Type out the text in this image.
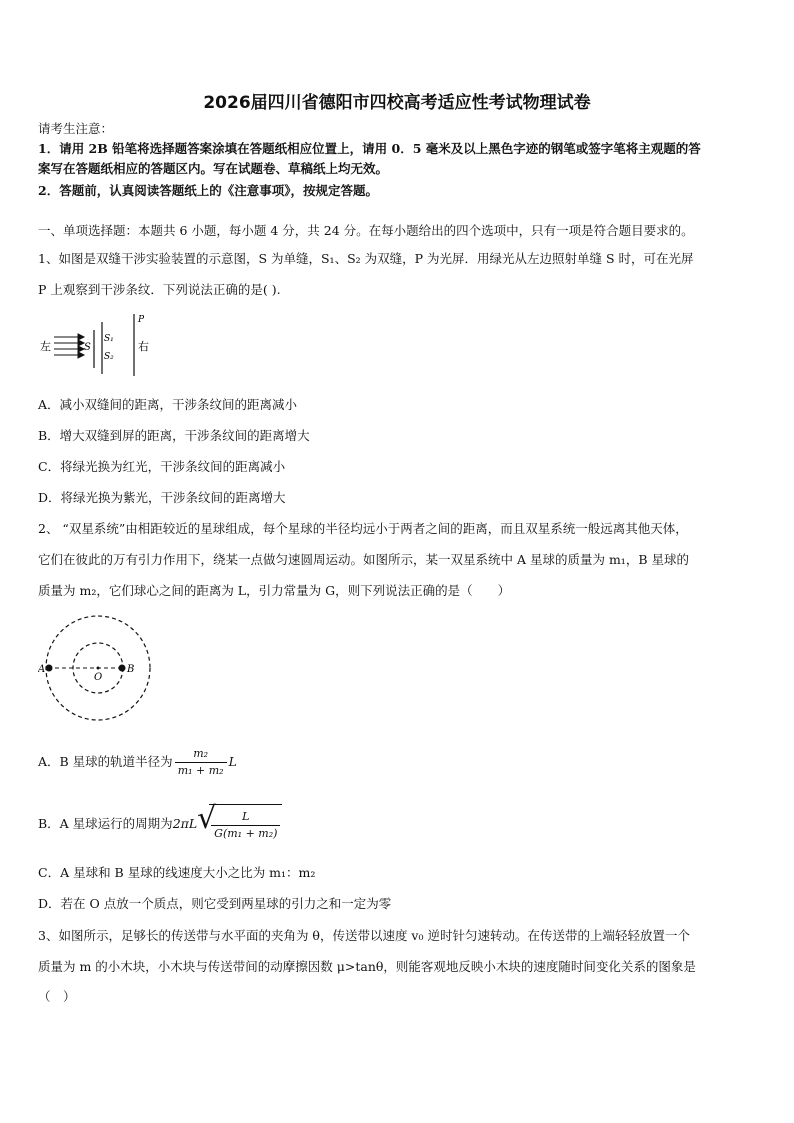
2026届四川省德阳市四校高考适应性考试物理试卷
请考生注意：
1．请用 2B 铅笔将选择题答案涂填在答题纸相应位置上，请用 0．5 毫米及以上黑色字迹的钢笔或签字笔将主观题的答
案写在答题纸相应的答题区内。写在试题卷、草稿纸上均无效。
2．答题前，认真阅读答题纸上的《注意事项》，按规定答题。
一、单项选择题：本题共 6 小题，每小题 4 分，共 24 分。在每小题给出的四个选项中，只有一项是符合题目要求的。
1、如图是双缝干涉实验装置的示意图，S 为单缝，S₁、S₂ 为双缝，P 为光屏．用绿光从左边照射单缝 S 时，可在光屏
P 上观察到干涉条纹．下列说法正确的是( ).
左	S
S₁
S₂
P
右
A．减小双缝间的距离，干涉条纹间的距离减小
B．增大双缝到屏的距离，干涉条纹间的距离增大
C．将绿光换为红光，干涉条纹间的距离减小
D．将绿光换为紫光，干涉条纹间的距离增大
2、 “双星系统”由相距较近的星球组成，每个星球的半径均远小于两者之间的距离，而且双星系统一般远离其他天体，
它们在彼此的万有引力作用下，绕某一点做匀速圆周运动。如图所示，某一双星系统中 A 星球的质量为 m₁，B 星球的
质量为 m₂，它们球心之间的距离为 L，引力常量为 G，则下列说法正确的是（　　）
A
O
B
A．B 星球的轨道半径为 $\frac{\text{m₂}}{\text{m₁ + m₂}}$ L
B．A 星球运行的周期为2πL √
$\frac{L}{\text{G(m₁ + m₂)}}$
C．A 星球和 B 星球的线速度大小之比为 m₁：m₂
D．若在 O 点放一个质点，则它受到两星球的引力之和一定为零
3、如图所示，足够长的传送带与水平面的夹角为 θ，传送带以速度 v₀ 逆时针匀速转动。在传送带的上端轻轻放置一个
质量为 m 的小木块，小木块与传送带间的动摩擦因数 μ>tanθ，则能客观地反映小木块的速度随时间变化关系的图象是
（　）
